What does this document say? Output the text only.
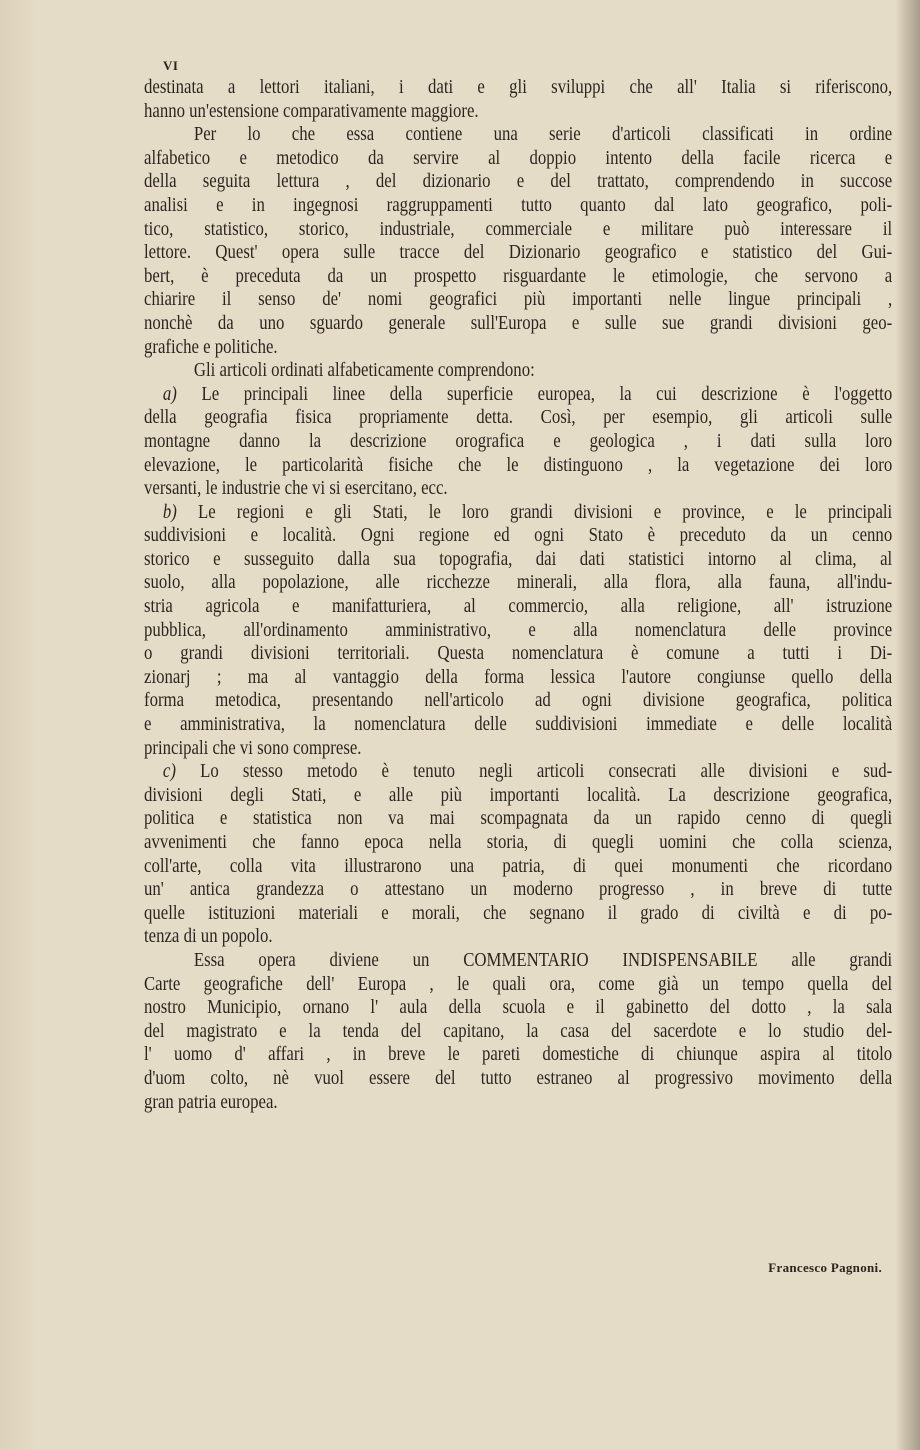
VI
destinata a lettori italiani, i dati e gli sviluppi che all' Italia si riferiscono,
hanno un'estensione comparativamente maggiore.
Per lo che essa contiene una serie d'articoli classificati in ordine
alfabetico e metodico da servire al doppio intento della facile ricerca e
della seguita lettura , del dizionario e del trattato, comprendendo in succose
analisi e in ingegnosi raggruppamenti tutto quanto dal lato geografico, poli-
tico, statistico, storico, industriale, commerciale e militare può interessare il
lettore. Quest' opera sulle tracce del Dizionario geografico e statistico del Gui-
bert, è preceduta da un prospetto risguardante le etimologie, che servono a
chiarire il senso de' nomi geografici più importanti nelle lingue principali ,
nonchè da uno sguardo generale sull'Europa e sulle sue grandi divisioni geo-
grafiche e politiche.
Gli articoli ordinati alfabeticamente comprendono:
a) Le principali linee della superficie europea, la cui descrizione è l'oggetto
della geografia fisica propriamente detta. Così, per esempio, gli articoli sulle
montagne danno la descrizione orografica e geologica , i dati sulla loro
elevazione, le particolarità fisiche che le distinguono , la vegetazione dei loro
versanti, le industrie che vi si esercitano, ecc.
b) Le regioni e gli Stati, le loro grandi divisioni e province, e le principali
suddivisioni e località. Ogni regione ed ogni Stato è preceduto da un cenno
storico e susseguito dalla sua topografia, dai dati statistici intorno al clima, al
suolo, alla popolazione, alle ricchezze minerali, alla flora, alla fauna, all'indu-
stria agricola e manifatturiera, al commercio, alla religione, all' istruzione
pubblica, all'ordinamento amministrativo, e alla nomenclatura delle province
o grandi divisioni territoriali. Questa nomenclatura è comune a tutti i Di-
zionarj ; ma al vantaggio della forma lessica l'autore congiunse quello della
forma metodica, presentando nell'articolo ad ogni divisione geografica, politica
e amministrativa, la nomenclatura delle suddivisioni immediate e delle località
principali che vi sono comprese.
c) Lo stesso metodo è tenuto negli articoli consecrati alle divisioni e sud-
divisioni degli Stati, e alle più importanti località. La descrizione geografica,
politica e statistica non va mai scompagnata da un rapido cenno di quegli
avvenimenti che fanno epoca nella storia, di quegli uomini che colla scienza,
coll'arte, colla vita illustrarono una patria, di quei monumenti che ricordano
un' antica grandezza o attestano un moderno progresso , in breve di tutte
quelle istituzioni materiali e morali, che segnano il grado di civiltà e di po-
tenza di un popolo.
Essa opera diviene un COMMENTARIO INDISPENSABILE alle grandi
Carte geografiche dell' Europa , le quali ora, come già un tempo quella del
nostro Municipio, ornano l' aula della scuola e il gabinetto del dotto , la sala
del magistrato e la tenda del capitano, la casa del sacerdote e lo studio del-
l' uomo d' affari , in breve le pareti domestiche di chiunque aspira al titolo
d'uom colto, nè vuol essere del tutto estraneo al progressivo movimento della
gran patria europea.
Francesco Pagnoni.
